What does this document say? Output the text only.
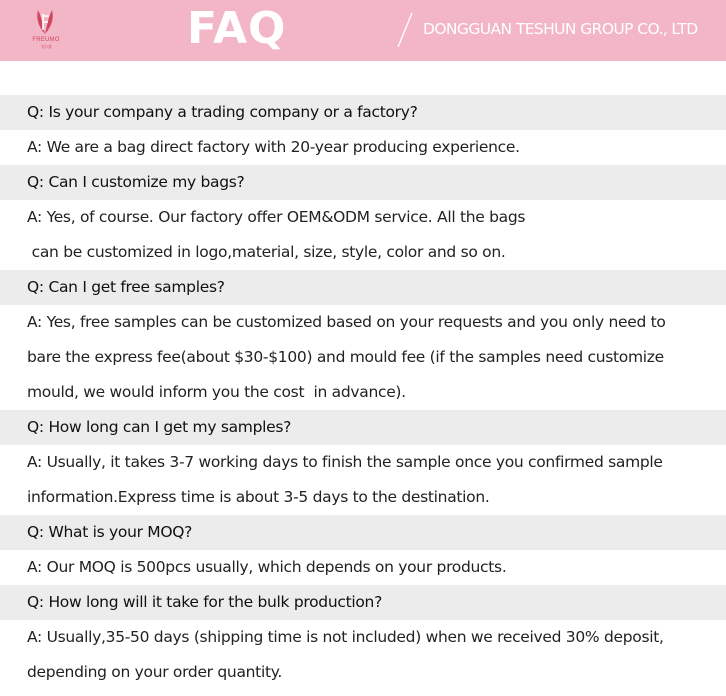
FREUMO
飞尔莫	FAQ	DONGGUAN TESHUN GROUP CO., LTD
Q: Is your company a trading company or a factory?
A: We are a bag direct factory with 20-year producing experience.
Q: Can I customize my bags?
A: Yes, of course. Our factory offer OEM&ODM service. All the bags
can be customized in logo,material, size, style, color and so on.
Q: Can I get free samples?
A: Yes, free samples can be customized based on your requests and you only need to
bare the express fee(about $30-$100) and mould fee (if the samples need customize
mould, we would inform you the cost  in advance).
Q: How long can I get my samples?
A: Usually, it takes 3-7 working days to finish the sample once you confirmed sample
information.Express time is about 3-5 days to the destination.
Q: What is your MOQ?
A: Our MOQ is 500pcs usually, which depends on your products.
Q: How long will it take for the bulk production?
A: Usually,35-50 days (shipping time is not included) when we received 30% deposit,
depending on your order quantity.
